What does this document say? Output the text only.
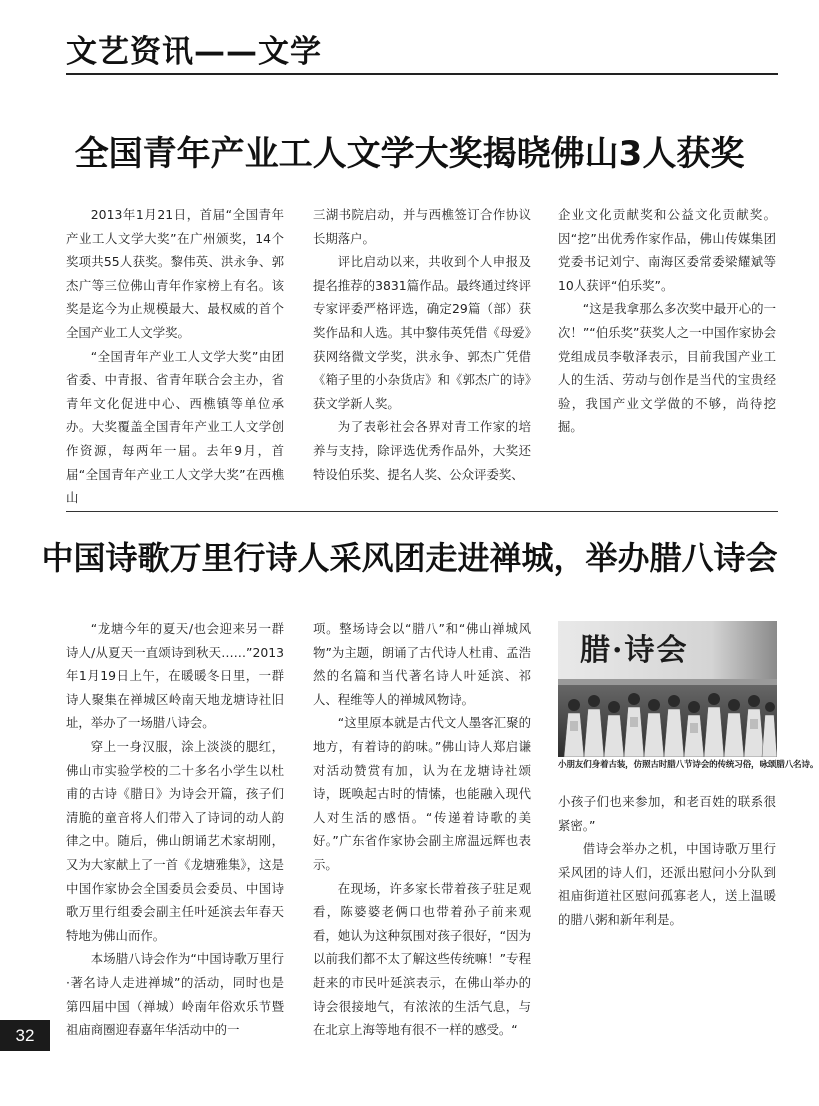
文艺资讯——文学
全国青年产业工人文学大奖揭晓佛山3人获奖

2013年1月21日，首届“全国青年产业工人文学大奖”在广州颁奖，14个奖项共55人获奖。黎伟英、洪永争、郭杰广等三位佛山青年作家榜上有名。该奖是迄今为止规模最大、最权威的首个全国产业工人文学奖。

“全国青年产业工人文学大奖”由团省委、中青报、省青年联合会主办，省青年文化促进中心、西樵镇等单位承办。大奖覆盖全国青年产业工人文学创作资源，每两年一届。去年9月，首届“全国青年产业工人文学大奖”在西樵山

三湖书院启动，并与西樵签订合作协议长期落户。

评比启动以来，共收到个人申报及提名推荐的3831篇作品。最终通过终评专家评委严格评选，确定29篇（部）获奖作品和人选。其中黎伟英凭借《母爱》获网络微文学奖，洪永争、郭杰广凭借《箱子里的小杂货店》和《郭杰广的诗》获文学新人奖。

为了表彰社会各界对青工作家的培养与支持，除评选优秀作品外，大奖还特设伯乐奖、提名人奖、公众评委奖、

企业文化贡献奖和公益文化贡献奖。因“挖”出优秀作家作品，佛山传媒集团党委书记刘宁、南海区委常委梁耀斌等10人获评“伯乐奖”。

“这是我拿那么多次奖中最开心的一次！”“伯乐奖”获奖人之一中国作家协会党组成员李敬泽表示，目前我国产业工人的生活、劳动与创作是当代的宝贵经验，我国产业文学做的不够，尚待挖掘。

中国诗歌万里行诗人采风团走进禅城，举办腊八诗会

“龙塘今年的夏天/也会迎来另一群诗人/从夏天一直颂诗到秋天……”2013年1月19日上午，在暖暖冬日里，一群诗人聚集在禅城区岭南天地龙塘诗社旧址，举办了一场腊八诗会。

穿上一身汉服，涂上淡淡的腮红，佛山市实验学校的二十多名小学生以杜甫的古诗《腊日》为诗会开篇，孩子们清脆的童音将人们带入了诗词的动人韵律之中。随后，佛山朗诵艺术家胡刚，又为大家献上了一首《龙塘雅集》，这是中国作家协会全国委员会委员、中国诗歌万里行组委会副主任叶延滨去年春天特地为佛山而作。

本场腊八诗会作为“中国诗歌万里行·著名诗人走进禅城”的活动，同时也是第四届中国（禅城）岭南年俗欢乐节暨祖庙商圈迎春嘉年华活动中的一

项。整场诗会以“腊八”和“佛山禅城风物”为主题，朗诵了古代诗人杜甫、孟浩然的名篇和当代著名诗人叶延滨、祁人、程维等人的禅城风物诗。

“这里原本就是古代文人墨客汇聚的地方，有着诗的韵味。”佛山诗人郑启谦对活动赞赏有加，认为在龙塘诗社颂诗，既唤起古时的情愫，也能融入现代人对生活的感悟。“传递着诗歌的美好。”广东省作家协会副主席温远辉也表示。

在现场，许多家长带着孩子驻足观看，陈婆婆老俩口也带着孙子前来观看，她认为这种氛围对孩子很好，“因为以前我们都不太了解这些传统嘛！”专程赶来的市民叶延滨表示，在佛山举办的诗会很接地气，有浓浓的生活气息，与在北京上海等地有很不一样的感受。“

腊·诗会
小朋友们身着古装，仿照古时腊八节诗会的传统习俗，咏颂腊八名诗。

小孩子们也来参加，和老百姓的联系很紧密。”

借诗会举办之机，中国诗歌万里行采风团的诗人们，还派出慰问小分队到祖庙街道社区慰问孤寡老人，送上温暖的腊八粥和新年利是。

32
